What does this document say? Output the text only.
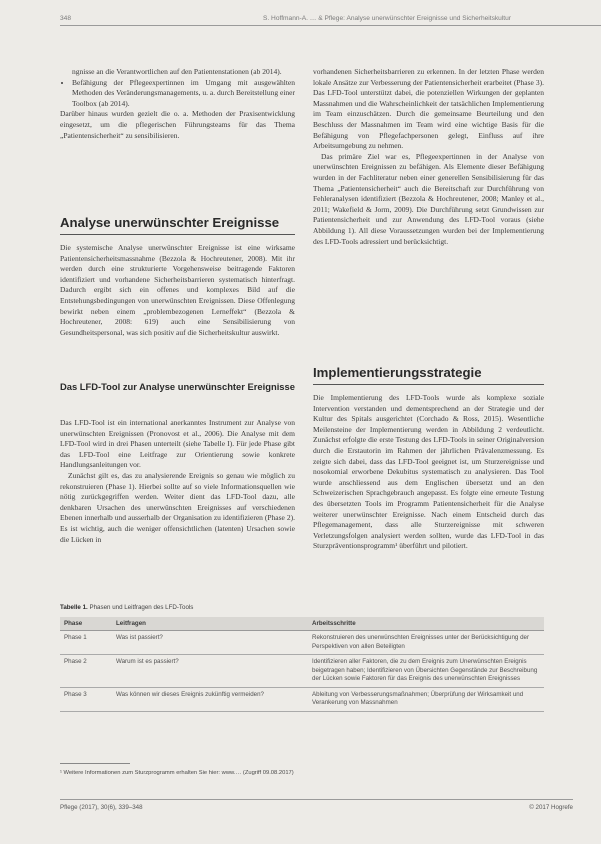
348	S. Hoffmann-A. … & Pflege: Analyse unerwünschter Ereignisse und Sicherheitskultur

ngnisse an die Verantwortlichen auf den Patientenstationen (ab 2014).

• Befähigung der Pflegeexpertinnen im Umgang mit ausgewählten Methoden des Veränderungsmanagements, u. a. durch Bereitstellung einer Toolbox (ab 2014).

Darüber hinaus wurden gezielt die o. a. Methoden der Praxisentwicklung eingesetzt, um die pflegerischen Führungsteams für das Thema „Patientensicherheit“ zu sensibilisieren.

Analyse unerwünschter Ereignisse

Die systemische Analyse unerwünschter Ereignisse ist eine wirksame Patientensicherheitsmassnahme (Bezzola & Hochreutener, 2008). Mit ihr werden durch eine strukturierte Vorgehensweise beitragende Faktoren identifiziert und vorhandene Sicherheitsbarrieren systematisch hinterfragt. Dadurch ergibt sich ein offenes und komplexes Bild auf die Entstehungsbedingungen von unerwünschten Ereignissen. Diese Offenlegung bewirkt neben einem „problembezogenen Lerneffekt“ (Bezzola & Hochreutener, 2008: 619) auch eine Sensibilisierung von Gesundheitspersonal, was sich positiv auf die Sicherheitskultur auswirkt.

Das LFD-Tool zur Analyse unerwünschter Ereignisse

Das LFD-Tool ist ein international anerkanntes Instrument zur Analyse von unerwünschten Ereignissen (Pronovost et al., 2006). Die Analyse mit dem LFD-Tool wird in drei Phasen unterteilt (siehe Tabelle I). Für jede Phase gibt das LFD-Tool eine Leitfrage zur Orientierung sowie konkrete Handlungsanleitungen vor.

Zunächst gilt es, das zu analysierende Ereignis so genau wie möglich zu rekonstruieren (Phase 1). Hierbei sollte auf so viele Informationsquellen wie nötig zurückgegriffen werden. Weiter dient das LFD-Tool dazu, alle denkbaren Ursachen des unerwünschten Ereignisses auf verschiedenen Ebenen innerhalb und ausserhalb der Organisation zu identifizieren (Phase 2). Es ist wichtig, auch die weniger offensichtlichen (latenten) Ursachen sowie die Lücken in

vorhandenen Sicherheitsbarrieren zu erkennen. In der letzten Phase werden lokale Ansätze zur Verbesserung der Patientensicherheit erarbeitet (Phase 3). Das LFD-Tool unterstützt dabei, die potenziellen Wirkungen der geplanten Massnahmen und die Wahrscheinlichkeit der tatsächlichen Implementierung im Team einzuschätzen. Durch die gemeinsame Beurteilung und den Beschluss der Massnahmen im Team wird eine wichtige Basis für die Befähigung von Pflegefachpersonen gelegt, Einfluss auf ihre Arbeitsumgebung zu nehmen.

Das primäre Ziel war es, Pflegeexpertinnen in der Analyse von unerwünschten Ereignissen zu befähigen. Als Elemente dieser Befähigung wurden in der Fachliteratur neben einer generellen Sensibilisierung für das Thema „Patientensicherheit“ auch die Bereitschaft zur Durchführung von Fehleranalysen identifiziert (Bezzola & Hochreutener, 2008; Manley et al., 2011; Wakefield & Jorm, 2009). Die Durchführung setzt Grundwissen zur Patientensicherheit und zur Anwendung des LFD-Tool voraus (siehe Abbildung 1). All diese Voraussetzungen wurden bei der Implementierung des LFD-Tools adressiert und berücksichtigt.

Implementierungsstrategie

Die Implementierung des LFD-Tools wurde als komplexe soziale Intervention verstanden und dementsprechend an der Strategie und der Kultur des Spitals ausgerichtet (Corchado & Ross, 2015). Wesentliche Meilensteine der Implementierung werden in Abbildung 2 verdeutlicht. Zunächst erfolgte die erste Testung des LFD-Tools in seiner Originalversion durch die Erstautorin im Rahmen der jährlichen Prävalenzmessung. Es zeigte sich dabei, dass das LFD-Tool geeignet ist, um Sturzereignisse und nosokomial erworbene Dekubitus systematisch zu analysieren. Das Tool wurde anschliessend aus dem Englischen übersetzt und an den Schweizerischen Sprachgebrauch angepasst. Es folgte eine erneute Testung des übersetzten Tools im Programm Patientensicherheit für die Analyse weiterer unerwünschter Ereignisse. Nach einem Entscheid durch das Pflegemanagement, dass alle Sturzereignisse mit schweren Verletzungsfolgen analysiert werden sollten, wurde das LFD-Tool in das Sturzpräventionsprogramm¹ überführt und pilotiert.

Tabelle 1. Phasen und Leitfragen des LFD-Tools
Phase	Leitfragen	Arbeitsschritte
Phase 1	Was ist passiert?	Rekonstruieren des unerwünschten Ereignisses unter der Berücksichtigung der Perspektiven von allen Beteiligten
Phase 2	Warum ist es passiert?	Identifizieren aller Faktoren, die zu dem Ereignis zum Unerwünschten Ereignis beigetragen haben; Identifizieren von Übersichten Gegenstände zur Beschreibung der Lücken sowie Faktoren für das Ereignis des unerwünschten Ereignisses
Phase 3	Was können wir dieses Ereignis zukünftig vermeiden?	Ableitung von Verbesserungsmaßnahmen; Überprüfung der Wirksamkeit und Verankerung von Massnahmen
¹ Weitere Informationen zum Sturzprogramm erhalten Sie hier: www.… (Zugriff 09.08.2017)
Pflege (2017), 30(6), 339–348	© 2017 Hogrefe
